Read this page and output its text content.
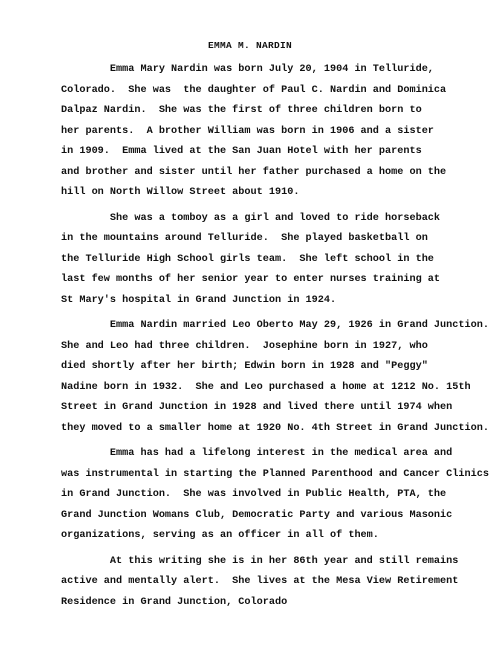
EMMA M. NARDIN
Emma Mary Nardin was born July 20, 1904 in Telluride,
Colorado.  She was  the daughter of Paul C. Nardin and Dominica
Dalpaz Nardin.  She was the first of three children born to
her parents.  A brother William was born in 1906 and a sister
in 1909.  Emma lived at the San Juan Hotel with her parents
and brother and sister until her father purchased a home on the
hill on North Willow Street about 1910.
She was a tomboy as a girl and loved to ride horseback
in the mountains around Telluride.  She played basketball on
the Telluride High School girls team.  She left school in the
last few months of her senior year to enter nurses training at
St Mary's hospital in Grand Junction in 1924.
Emma Nardin married Leo Oberto May 29, 1926 in Grand Junction.
She and Leo had three children.  Josephine born in 1927, who
died shortly after her birth; Edwin born in 1928 and "Peggy"
Nadine born in 1932.  She and Leo purchased a home at 1212 No. 15th
Street in Grand Junction in 1928 and lived there until 1974 when
they moved to a smaller home at 1920 No. 4th Street in Grand Junction.
Emma has had a lifelong interest in the medical area and
was instrumental in starting the Planned Parenthood and Cancer Clinics
in Grand Junction.  She was involved in Public Health, PTA, the
Grand Junction Womans Club, Democratic Party and various Masonic
organizations, serving as an officer in all of them.
At this writing she is in her 86th year and still remains
active and mentally alert.  She lives at the Mesa View Retirement
Residence in Grand Junction, Colorado
